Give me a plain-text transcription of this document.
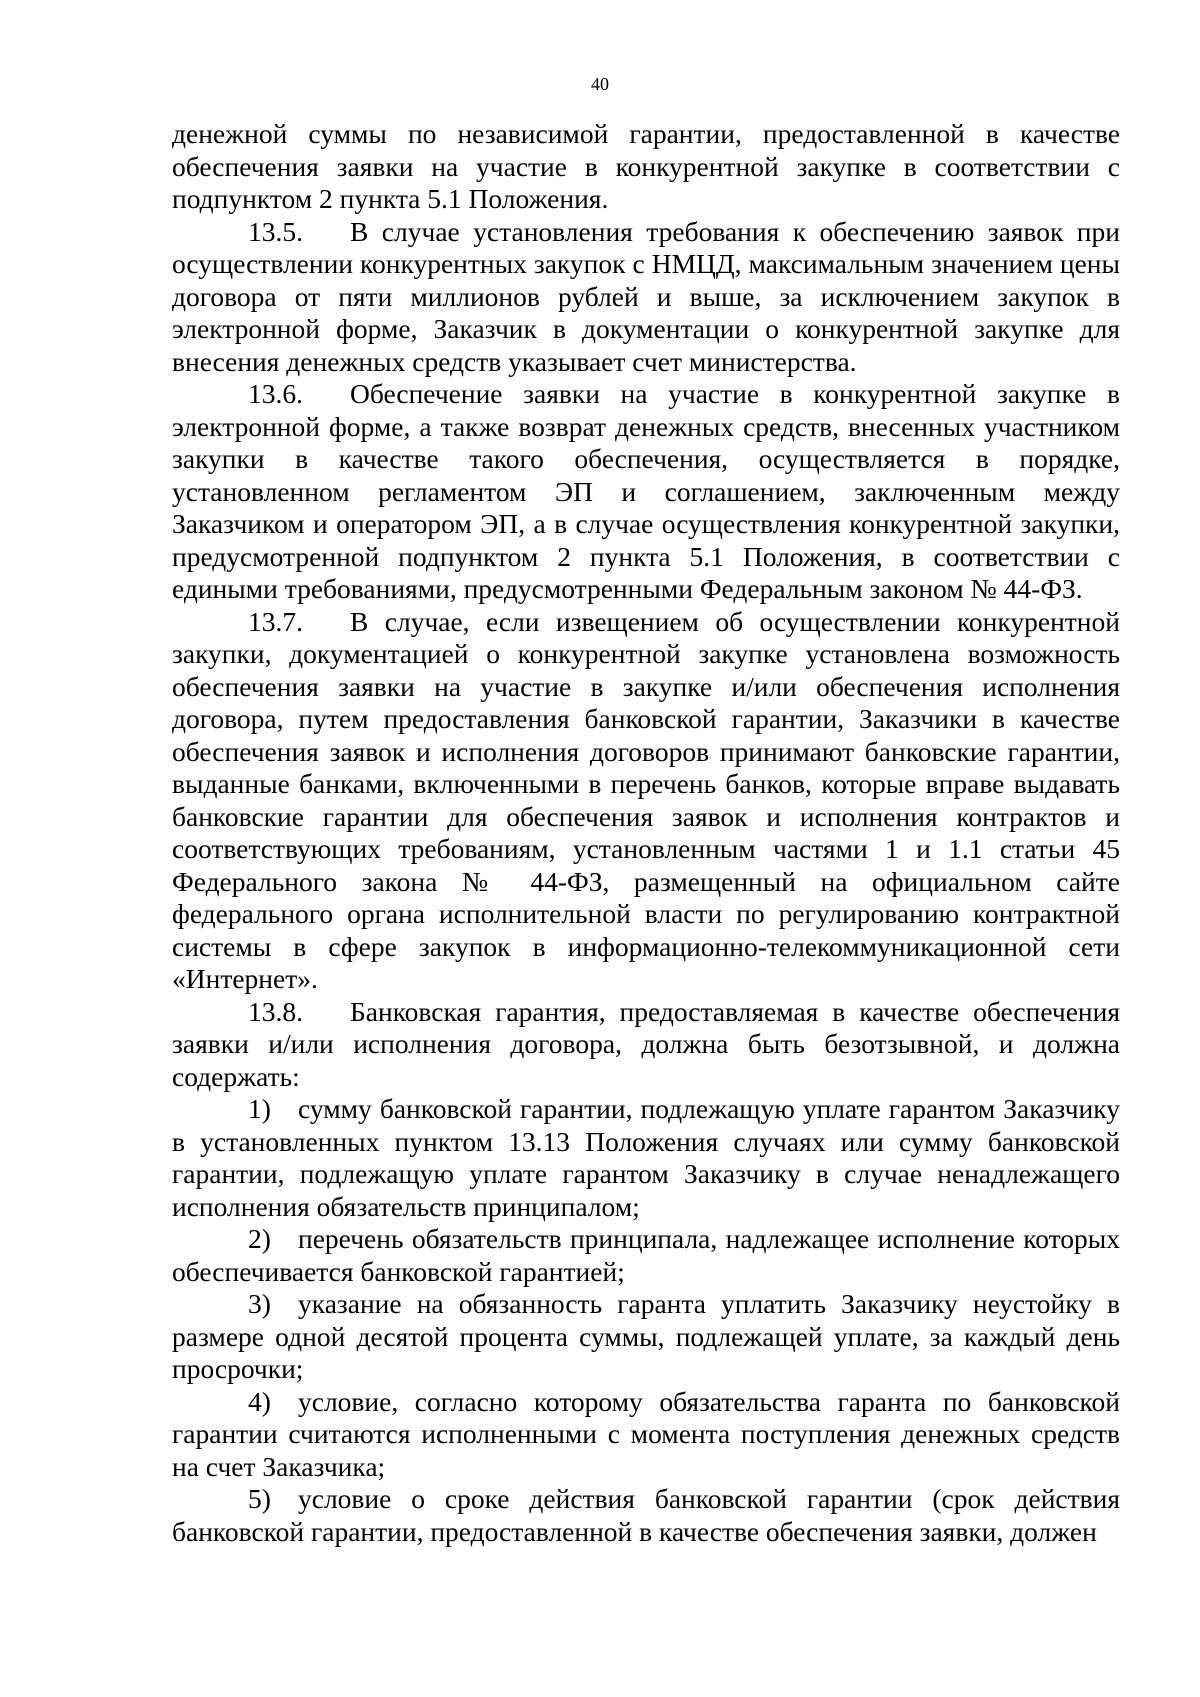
40

денежной суммы по независимой гарантии, предоставленной в качестве обеспечения заявки на участие в конкурентной закупке в соответствии с подпунктом 2 пункта 5.1 Положения.

13.5. В случае установления требования к обеспечению заявок при осуществлении конкурентных закупок с НМЦД, максимальным значением цены договора от пяти миллионов рублей и выше, за исключением закупок в электронной форме, Заказчик в документации о конкурентной закупке для внесения денежных средств указывает счет министерства.

13.6. Обеспечение заявки на участие в конкурентной закупке в электронной форме, а также возврат денежных средств, внесенных участником закупки в качестве такого обеспечения, осуществляется в порядке, установленном регламентом ЭП и соглашением, заключенным между Заказчиком и оператором ЭП, а в случае осуществления конкурентной закупки, предусмотренной подпунктом 2 пункта 5.1 Положения, в соответствии с едиными требованиями, предусмотренными Федеральным законом № 44-ФЗ.

13.7. В случае, если извещением об осуществлении конкурентной закупки, документацией о конкурентной закупке установлена возможность обеспечения заявки на участие в закупке и/или обеспечения исполнения договора, путем предоставления банковской гарантии, Заказчики в качестве обеспечения заявок и исполнения договоров принимают банковские гарантии, выданные банками, включенными в перечень банков, которые вправе выдавать банковские гарантии для обеспечения заявок и исполнения контрактов и соответствующих требованиям, установленным частями 1 и 1.1 статьи 45 Федерального закона № 44-ФЗ, размещенный на официальном сайте федерального органа исполнительной власти по регулированию контрактной системы в сфере закупок в информационно-телекоммуникационной сети «Интернет».

13.8. Банковская гарантия, предоставляемая в качестве обеспечения заявки и/или исполнения договора, должна быть безотзывной, и должна содержать:

1) сумму банковской гарантии, подлежащую уплате гарантом Заказчику в установленных пунктом 13.13 Положения случаях или сумму банковской гарантии, подлежащую уплате гарантом Заказчику в случае ненадлежащего исполнения обязательств принципалом;

2) перечень обязательств принципала, надлежащее исполнение которых обеспечивается банковской гарантией;

3) указание на обязанность гаранта уплатить Заказчику неустойку в размере одной десятой процента суммы, подлежащей уплате, за каждый день просрочки;

4) условие, согласно которому обязательства гаранта по банковской гарантии считаются исполненными с момента поступления денежных средств на счет Заказчика;

5) условие о сроке действия банковской гарантии (срок действия банковской гарантии, предоставленной в качестве обеспечения заявки, должен
